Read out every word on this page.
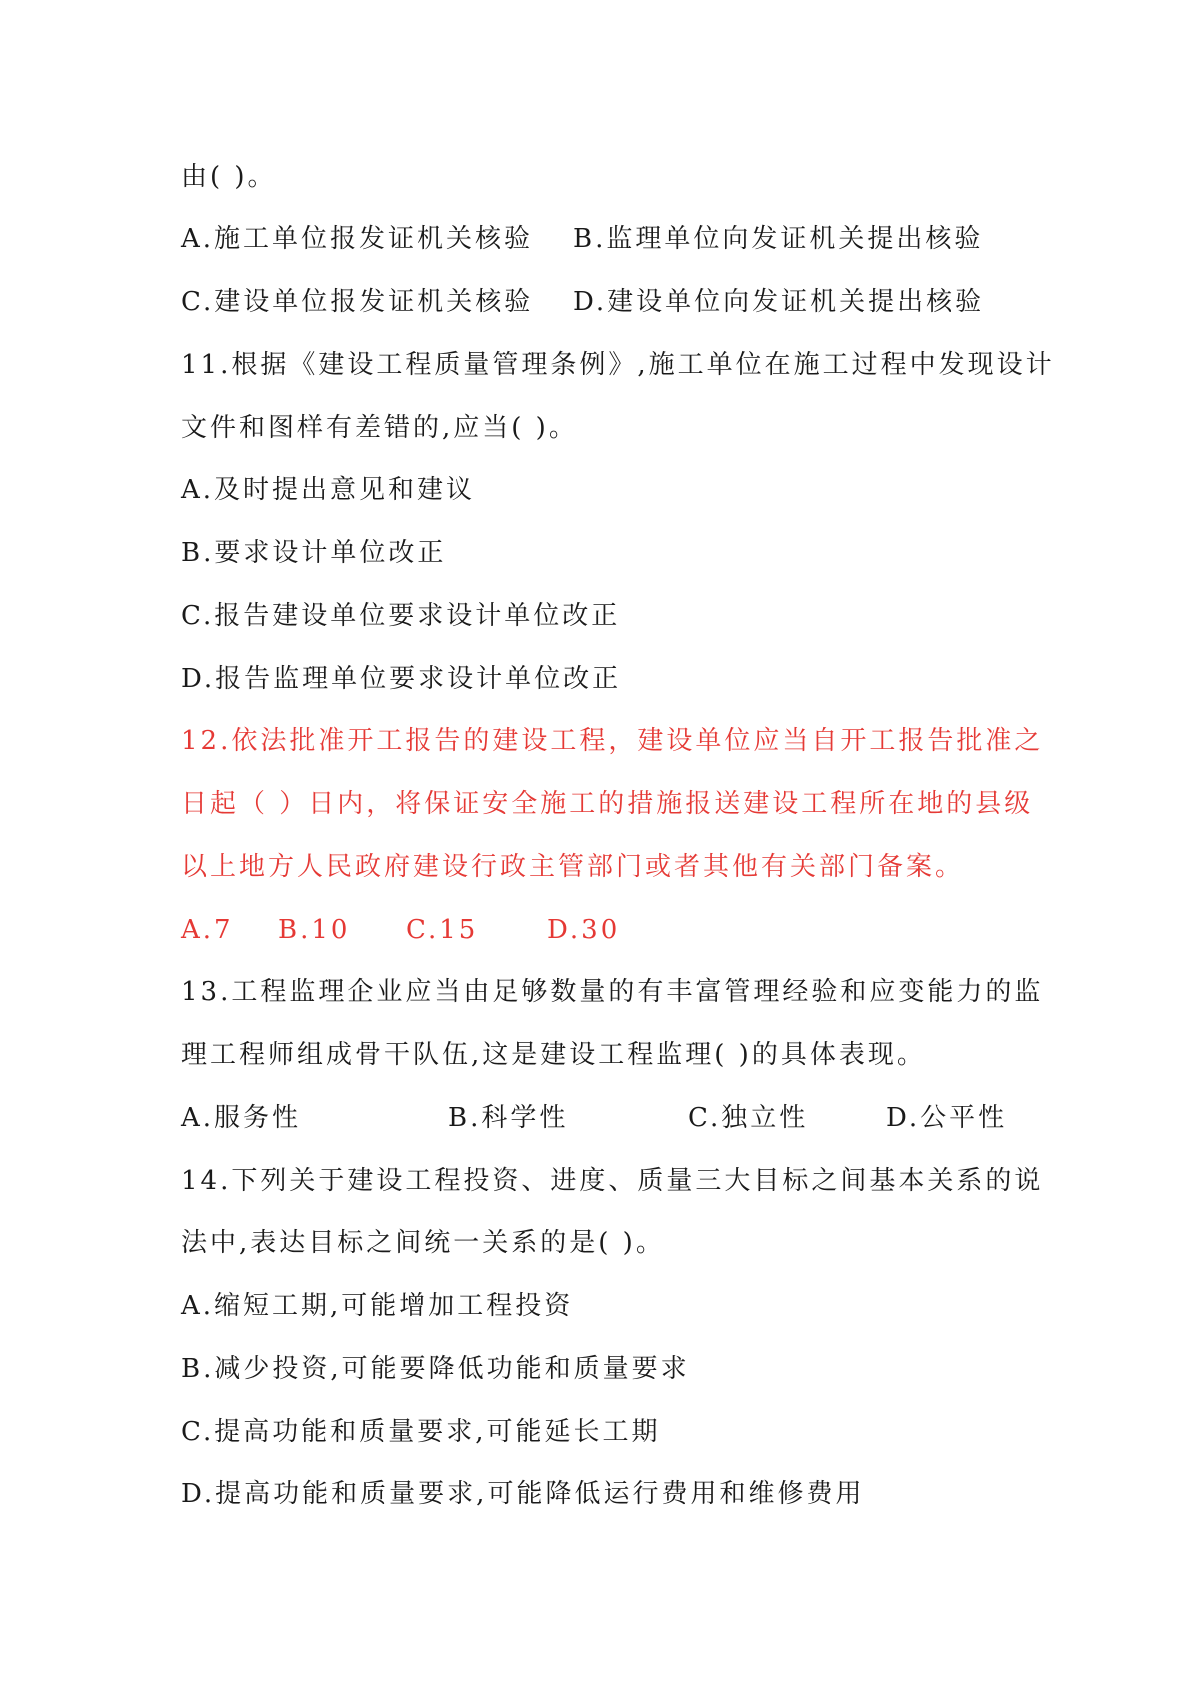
由( )。
A.施工单位报发证机关核验 B.监理单位向发证机关提出核验
C.建设单位报发证机关核验 D.建设单位向发证机关提出核验
11.根据《建设工程质量管理条例》,施工单位在施工过程中发现设计
文件和图样有差错的,应当( )。
A.及时提出意见和建议
B.要求设计单位改正
C.报告建设单位要求设计单位改正
D.报告监理单位要求设计单位改正
12.依法批准开工报告的建设工程，建设单位应当自开工报告批准之
日起（ ）日内，将保证安全施工的措施报送建设工程所在地的县级
以上地方人民政府建设行政主管部门或者其他有关部门备案。
A.7 B.10 C.15	D.30
13.工程监理企业应当由足够数量的有丰富管理经验和应变能力的监
理工程师组成骨干队伍,这是建设工程监理( )的具体表现。
A.服务性	B.科学性	C.独立性	D.公平性
14.下列关于建设工程投资、进度、质量三大目标之间基本关系的说
法中,表达目标之间统一关系的是( )。
A.缩短工期,可能增加工程投资
B.减少投资,可能要降低功能和质量要求
C.提高功能和质量要求,可能延长工期
D.提高功能和质量要求,可能降低运行费用和维修费用
